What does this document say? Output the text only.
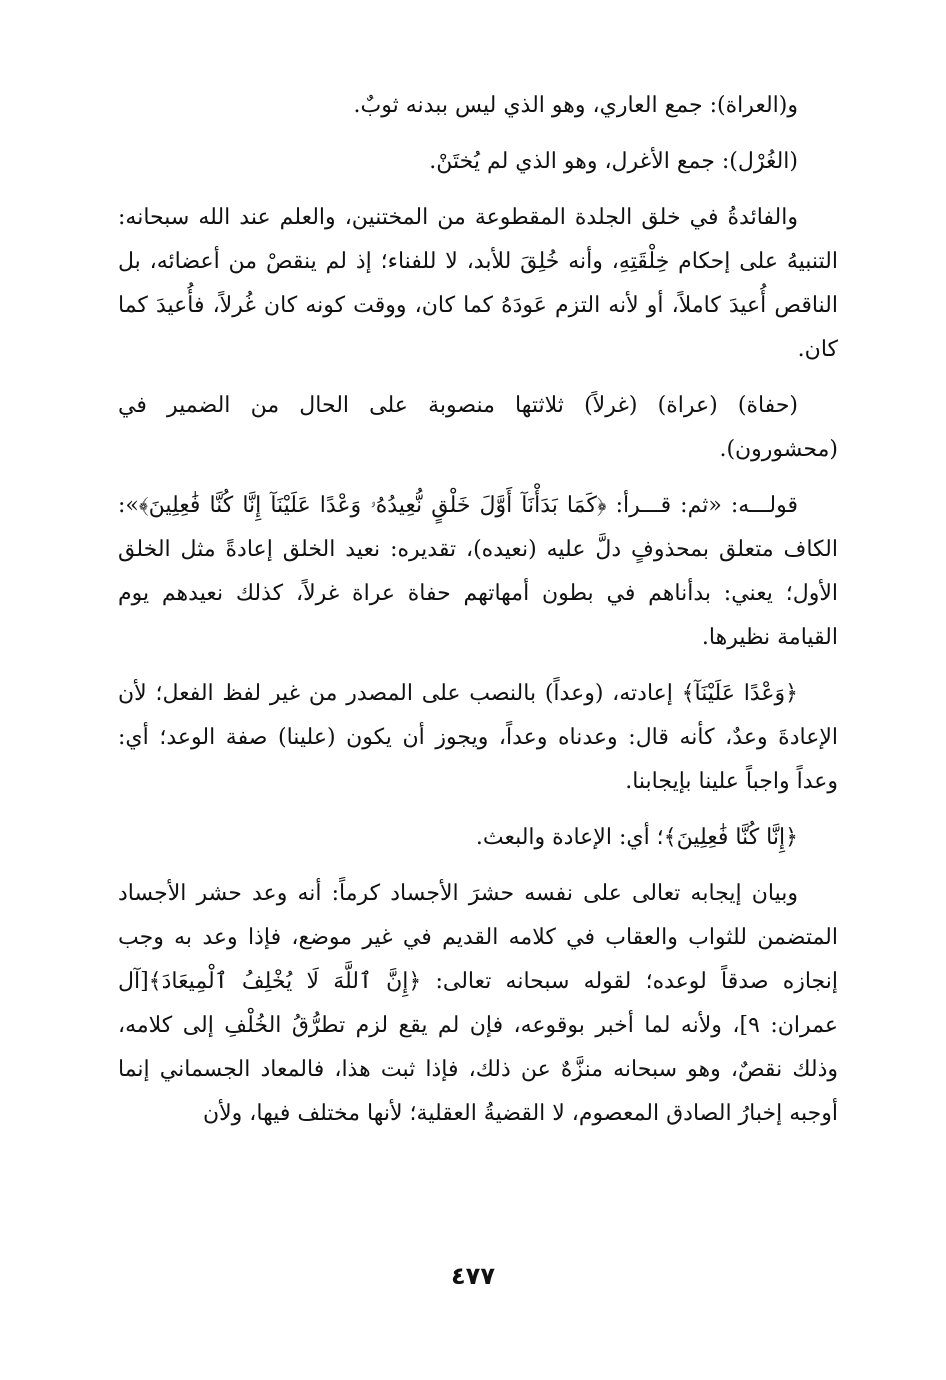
و(العراة): جمع العاري، وهو الذي ليس ببدنه ثوبٌ.

(الغُرْل): جمع الأغرل، وهو الذي لم يُختَنْ.

والفائدةُ في خلق الجلدة المقطوعة من المختنين، والعلم عند الله سبحانه: التنبيهُ على إحكام خِلْقَتِهِ، وأنه خُلِقَ للأبد، لا للفناء؛ إذ لم ينقصْ من أعضائه، بل الناقص أُعيدَ كاملاً، أو لأنه التزم عَودَهُ كما كان، ووقت كونه كان غُرلاً، فأُعيدَ كما كان.

(حفاة) (عراة) (غرلاً) ثلاثتها منصوبة على الحال من الضمير في (محشورون).

قولـــه: «ثم: قـــرأ: ﴿كَمَا بَدَأْنَآ أَوَّلَ خَلْقٍ نُّعِيدُهُۥ وَعْدًا عَلَيْنَآ إِنَّا كُنَّا فَٰعِلِينَ﴾»: الكاف متعلق بمحذوفٍ دلَّ عليه (نعيده)، تقديره: نعيد الخلق إعادةً مثل الخلق الأول؛ يعني: بدأناهم في بطون أمهاتهم حفاة عراة غرلاً، كذلك نعيدهم يوم القيامة نظيرها.

﴿وَعْدًا عَلَيْنَآ﴾ إعادته، (وعداً) بالنصب على المصدر من غير لفظ الفعل؛ لأن الإعادةَ وعدٌ، كأنه قال: وعدناه وعداً، ويجوز أن يكون (علينا) صفة الوعد؛ أي: وعداً واجباً علينا بإيجابنا.

﴿إِنَّا كُنَّا فَٰعِلِينَ﴾؛ أي: الإعادة والبعث.

وبيان إيجابه تعالى على نفسه حشرَ الأجساد كرماً: أنه وعد حشر الأجساد المتضمن للثواب والعقاب في كلامه القديم في غير موضع، فإذا وعد به وجب إنجازه صدقاً لوعده؛ لقوله سبحانه تعالى: ﴿إِنَّ ٱللَّهَ لَا يُخْلِفُ ٱلْمِيعَادَ﴾[آل عمران: ٩]، ولأنه لما أخبر بوقوعه، فإن لم يقع لزم تطرُّقُ الخُلْفِ إلى كلامه، وذلك نقصٌ، وهو سبحانه منزَّهٌ عن ذلك، فإذا ثبت هذا، فالمعاد الجسماني إنما أوجبه إخبارُ الصادق المعصوم، لا القضيةُ العقلية؛ لأنها مختلف فيها، ولأن

٤٧٧
